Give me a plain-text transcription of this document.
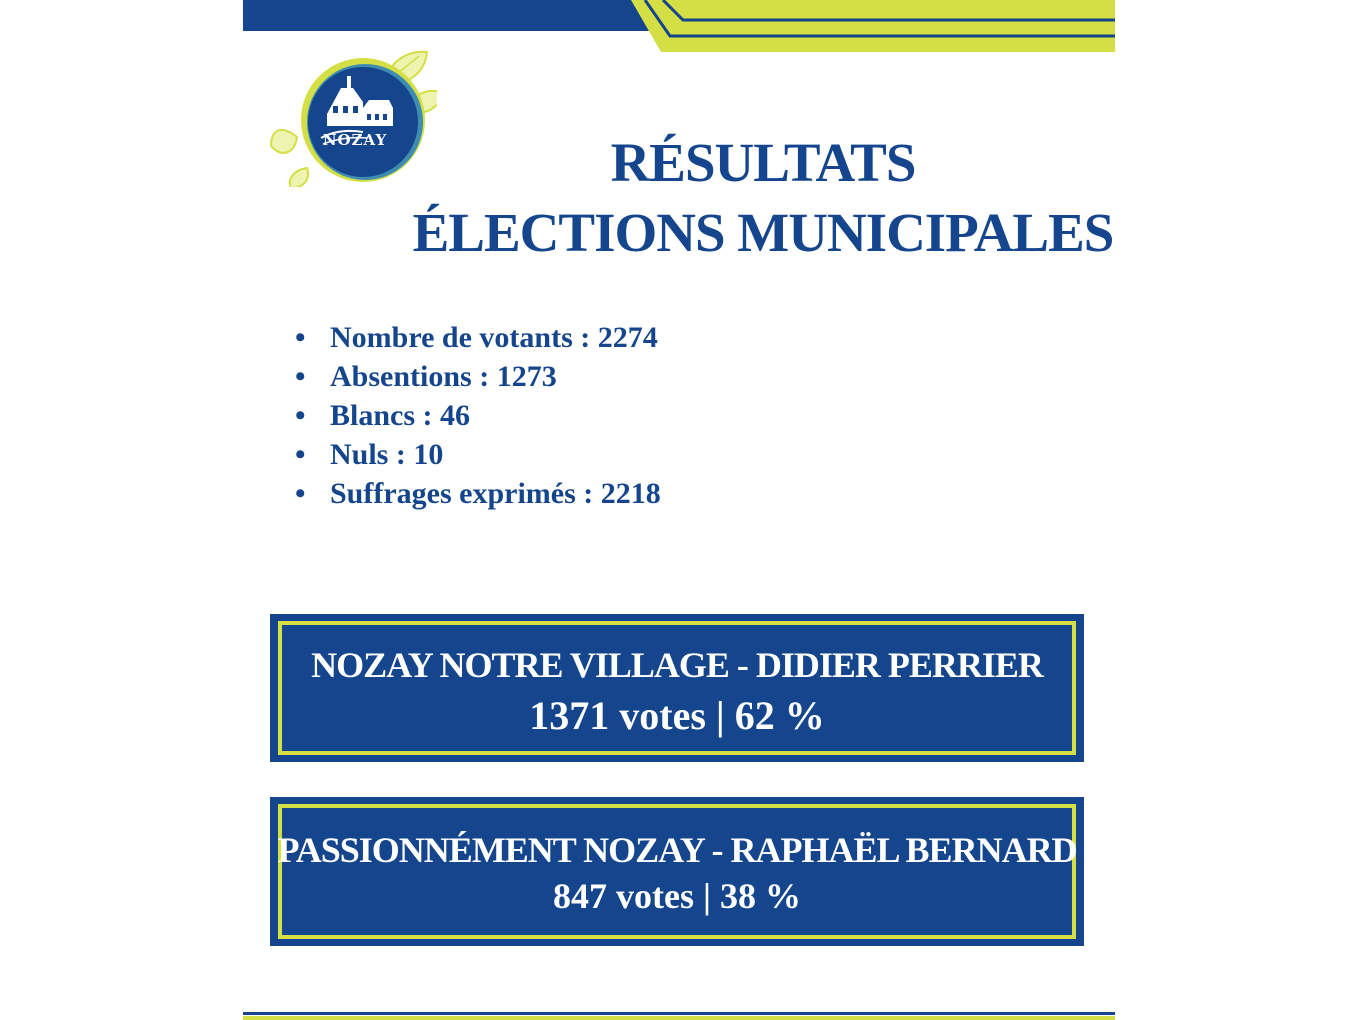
NOZAY	RÉSULTATS
ÉLECTIONS MUNICIPALES
• Nombre de votants : 2274
• Absentions : 1273
• Blancs : 46
• Nuls : 10
• Suffrages exprimés : 2218
NOZAY NOTRE VILLAGE - DIDIER PERRIER
1371 votes | 62 %
PASSIONNÉMENT NOZAY - RAPHAËL BERNARD
847 votes | 38 %
